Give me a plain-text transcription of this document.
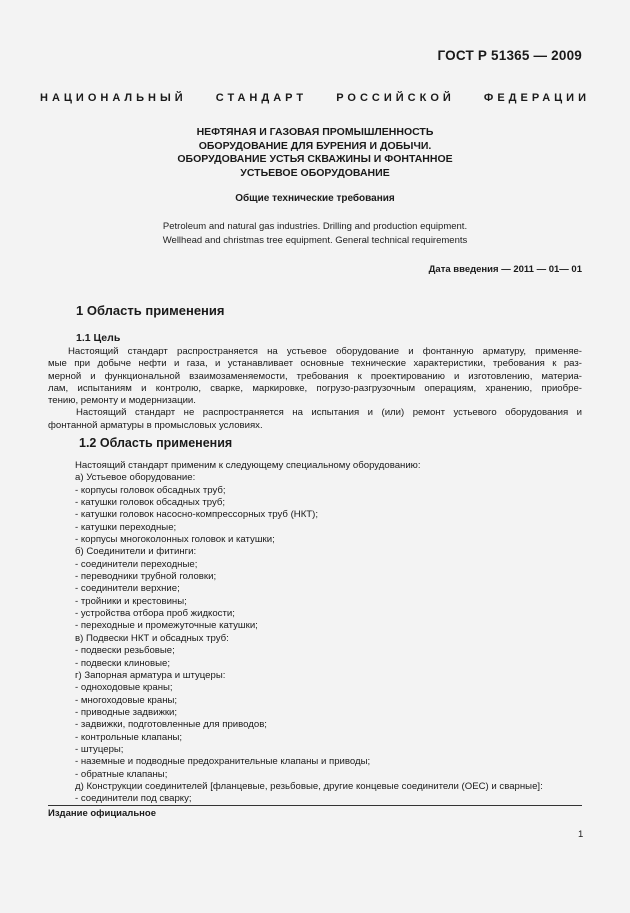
ГОСТ Р 51365 — 2009
НАЦИОНАЛЬНЫЙ СТАНДАРТ РОССИЙСКОЙ ФЕДЕРАЦИИ
НЕФТЯНАЯ И ГАЗОВАЯ ПРОМЫШЛЕННОСТЬ
ОБОРУДОВАНИЕ ДЛЯ БУРЕНИЯ И ДОБЫЧИ.
ОБОРУДОВАНИЕ УСТЬЯ СКВАЖИНЫ И ФОНТАННОЕ
УСТЬЕВОЕ ОБОРУДОВАНИЕ
Общие технические требования
Petroleum and natural gas industries. Drilling and production equipment.
Wellhead and christmas tree equipment. General technical requirements
Дата введения — 2011 — 01— 01
1 Область применения
1.1 Цель
Настоящий стандарт распространяется на устьевое оборудование и фонтанную арматуру, применяе-
мые при добыче нефти и газа, и устанавливает основные технические характеристики, требования к раз-
мерной и функциональной взаимозаменяемости, требования к проектированию и изготовлению, материа-
лам, испытаниям и контролю, сварке, маркировке, погрузо-разгрузочным операциям, хранению, приобре-
тению, ремонту и модернизации.
Настоящий стандарт не распространяется на испытания и (или) ремонт устьевого оборудования и
фонтанной арматуры в промысловых условиях.
1.2 Область применения
Настоящий стандарт применим к следующему специальному оборудованию:
а) Устьевое оборудование:
- корпусы головок обсадных труб;
- катушки головок обсадных труб;
- катушки головок насосно-компрессорных труб (НКТ);
- катушки переходные;
- корпусы многоколонных головок и катушки;
б) Соединители и фитинги:
- соединители переходные;
- переводники трубной головки;
- соединители верхние;
- тройники и крестовины;
- устройства отбора проб жидкости;
- переходные и промежуточные катушки;
в) Подвески НКТ и обсадных труб:
- подвески резьбовые;
- подвески клиновые;
г) Запорная арматура и штуцеры:
- одноходовые краны;
- многоходовые краны;
- приводные задвижки;
- задвижки, подготовленные для приводов;
- контрольные клапаны;
- штуцеры;
- наземные и подводные предохранительные клапаны и приводы;
- обратные клапаны;
д) Конструкции соединителей [фланцевые, резьбовые, другие концевые соединители (ОЕС) и сварные]:
- соединители под сварку;
Издание официальное
1
